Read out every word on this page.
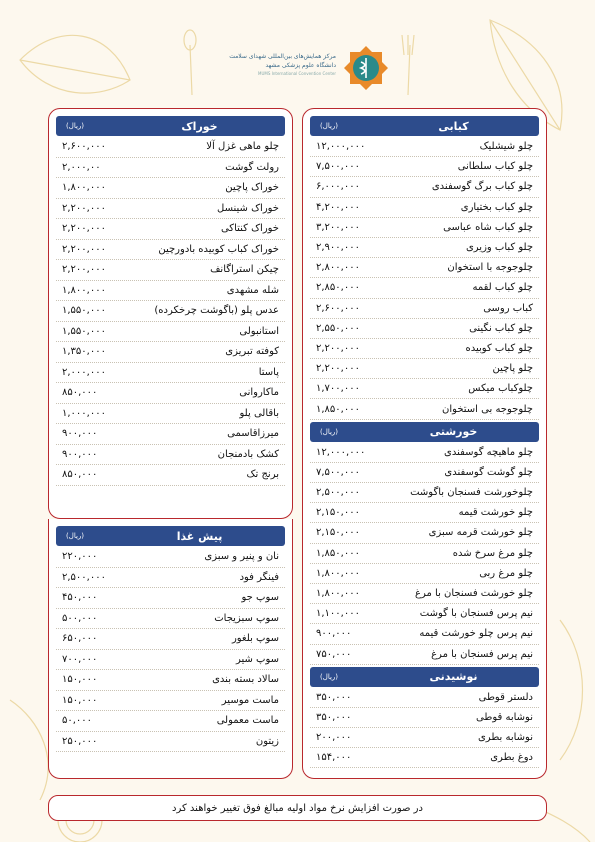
مرکز همایش‌های بین‌المللی شهدای سلامت
دانشگاه علوم پزشکی مشهد
MUMS International Convention Center
خوراک
(ریال)
چلو ماهی غزل آلا
۲,۶۰۰,۰۰۰
رولت گوشت
۲,۰۰۰,۰۰
خوراک پاچین
۱,۸۰۰,۰۰۰
خوراک شینسل
۲,۲۰۰,۰۰۰
خوراک کنتاکی
۲,۲۰۰,۰۰۰
خوراک کباب کوبیده بادورچین
۲,۲۰۰,۰۰۰
چیکن استراگانف
۲,۲۰۰,۰۰۰
شله مشهدی
۱,۸۰۰,۰۰۰
عدس پلو (باگوشت چرخکرده)
۱,۵۵۰,۰۰۰
استانبولی
۱,۵۵۰,۰۰۰
کوفته تبریزی
۱,۳۵۰,۰۰۰
پاستا
۲,۰۰۰,۰۰۰
ماکاروانی
۸۵۰,۰۰۰
باقالی پلو
۱,۰۰۰,۰۰۰
میرزاقاسمی
۹۰۰,۰۰۰
کشک بادمنجان
۹۰۰,۰۰۰
برنج تک
۸۵۰,۰۰۰
پیش غذا
(ریال)
نان و پنیر و سبزی
۲۲۰,۰۰۰
فینگر فود
۲,۵۰۰,۰۰۰
سوپ جو
۴۵۰,۰۰۰
سوپ سبزیجات
۵۰۰,۰۰۰
سوپ بلغور
۶۵۰,۰۰۰
سوپ شیر
۷۰۰,۰۰۰
سالاد بسته بندی
۱۵۰,۰۰۰
ماست موسیر
۱۵۰,۰۰۰
ماست معمولی
۵۰,۰۰۰
زیتون
۲۵۰,۰۰۰
کبابی
(ریال)
چلو شیشلیک
۱۲,۰۰۰,۰۰۰
چلو کباب سلطانی
۷,۵۰۰,۰۰۰
چلو کباب برگ گوسفندی
۶,۰۰۰,۰۰۰
چلو کباب بختیاری
۴,۲۰۰,۰۰۰
چلو کباب شاه عباسی
۳,۲۰۰,۰۰۰
چلو کباب وزیری
۲,۹۰۰,۰۰۰
چلوجوجه با استخوان
۲,۸۰۰,۰۰۰
چلو کباب لقمه
۲,۸۵۰,۰۰۰
کباب روسی
۲,۶۰۰,۰۰۰
چلو کباب نگینی
۲,۵۵۰,۰۰۰
چلو کباب کوبیده
۲,۲۰۰,۰۰۰
چلو پاچین
۲,۲۰۰,۰۰۰
چلوکباب میکس
۱,۷۰۰,۰۰۰
چلوجوجه بی استخوان
۱,۸۵۰,۰۰۰
خورشتی
(ریال)
چلو ماهیچه گوسفندی
۱۲,۰۰۰,۰۰۰
چلو گوشت گوسفندی
۷,۵۰۰,۰۰۰
چلوخورشت فسنجان باگوشت
۲,۵۰۰,۰۰۰
چلو خورشت قیمه
۲,۱۵۰,۰۰۰
چلو خورشت قرمه سبزی
۲,۱۵۰,۰۰۰
چلو مرغ سرخ شده
۱,۸۵۰,۰۰۰
چلو مرغ ربی
۱,۸۰۰,۰۰۰
چلو خورشت فسنجان با مرغ
۱,۸۰۰,۰۰۰
نیم پرس فسنجان با گوشت
۱,۱۰۰,۰۰۰
نیم پرس چلو خورشت قیمه
۹۰۰,۰۰۰
نیم پرس فسنجان با مرغ
۷۵۰,۰۰۰
نوشیدنی
(ریال)
دلستر قوطی
۳۵۰,۰۰۰
نوشابه قوطی
۳۵۰,۰۰۰
نوشابه بطری
۲۰۰,۰۰۰
دوغ بطری
۱۵۴,۰۰۰
در صورت افزایش نرخ مواد اولیه مبالغ فوق تغییر خواهند کرد
